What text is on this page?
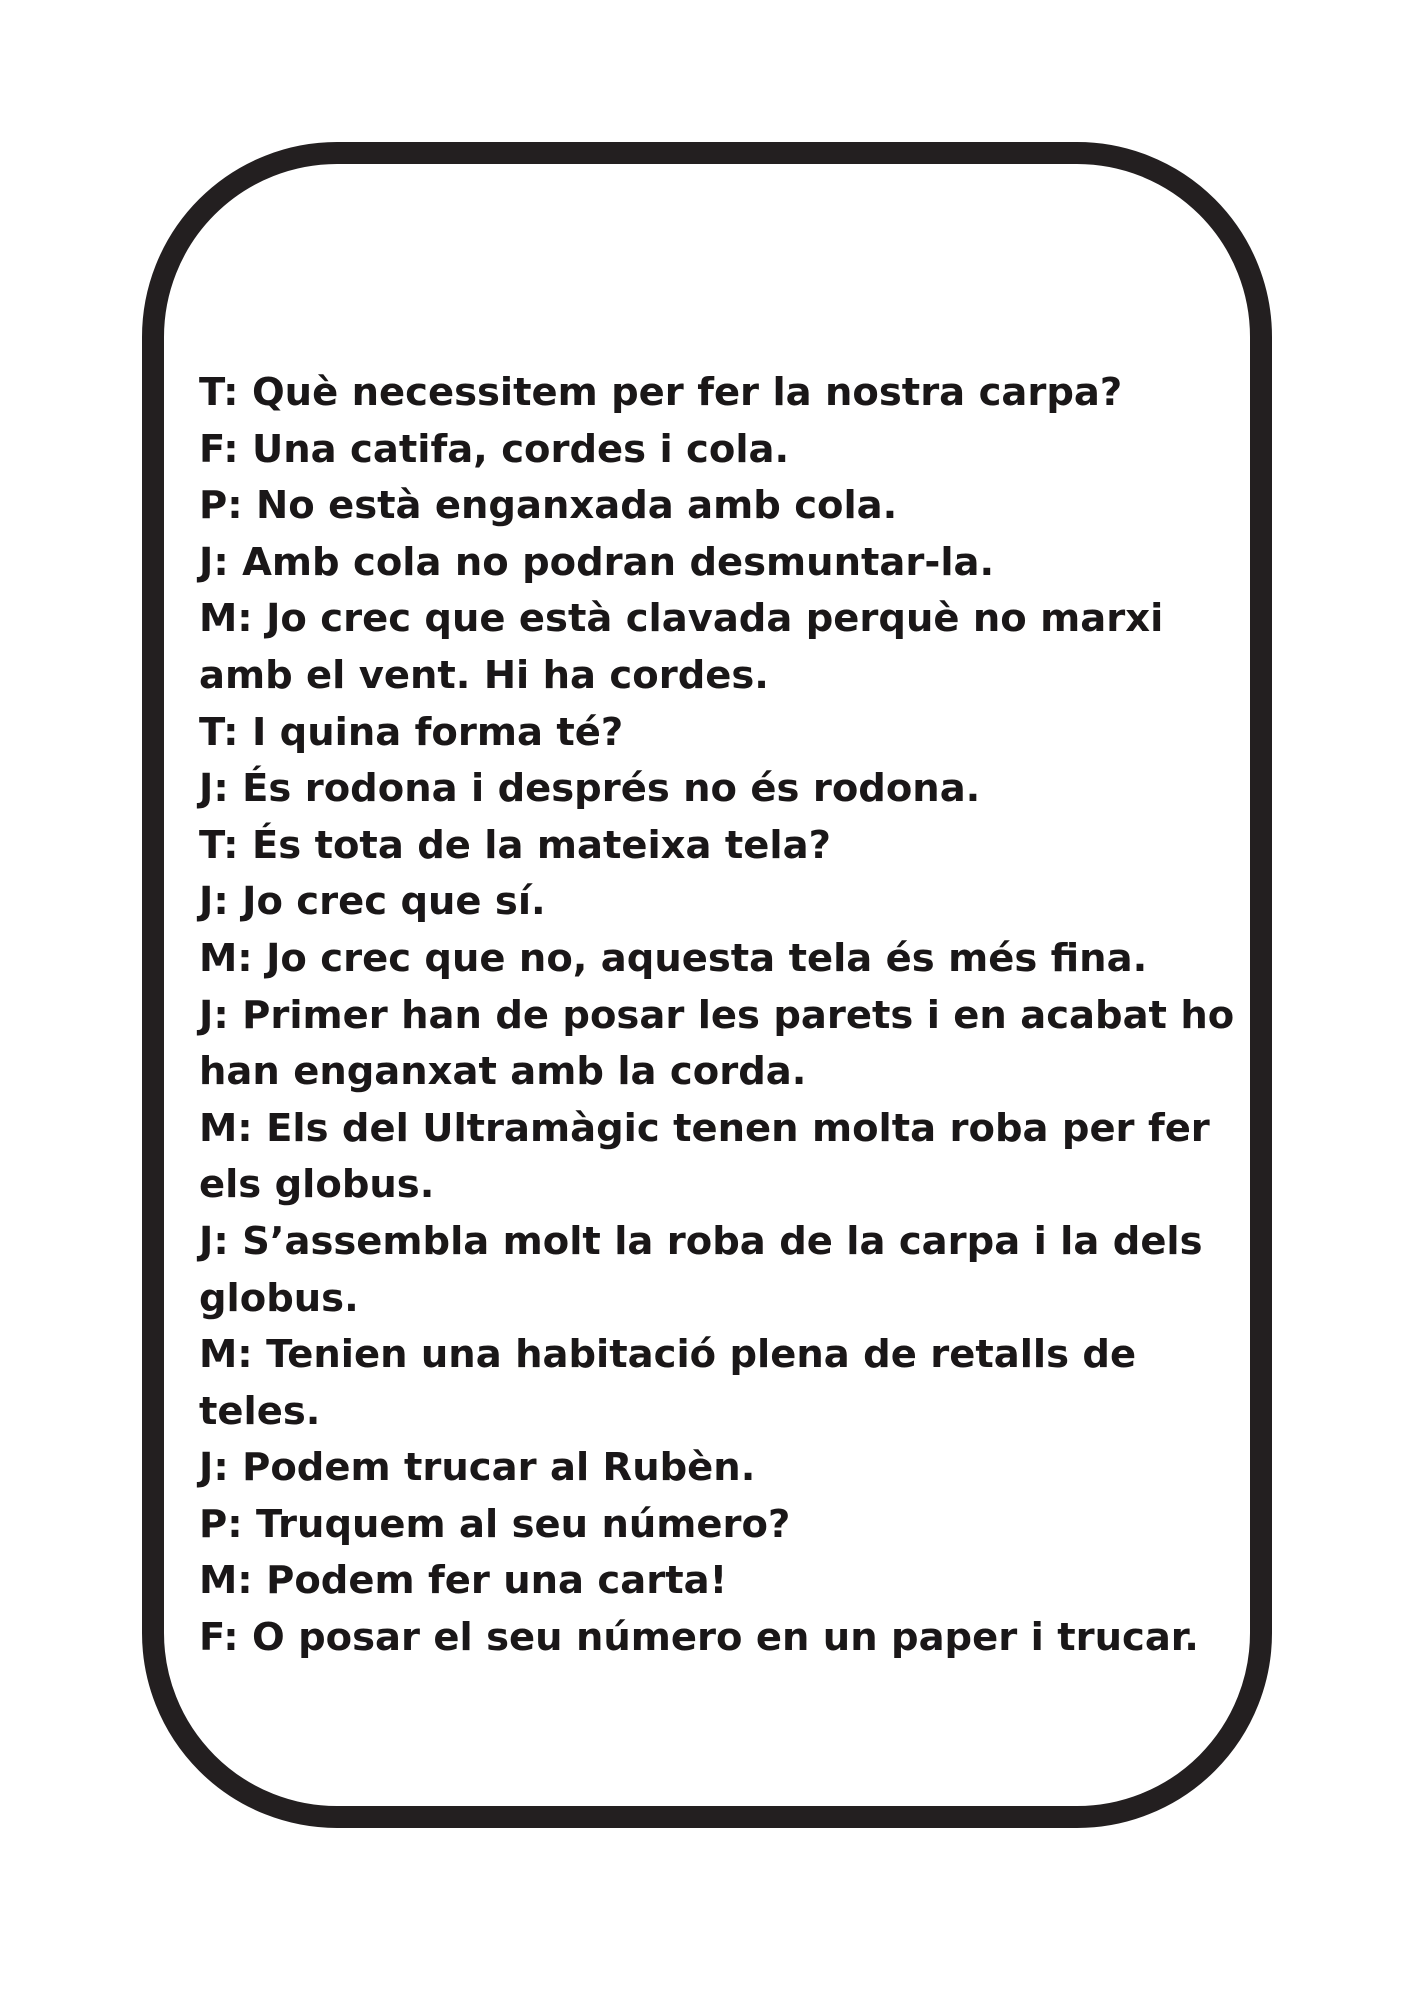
T: Què necessitem per fer la nostra carpa?
F: Una catifa, cordes i cola.
P: No està enganxada amb cola.
J: Amb cola no podran desmuntar-la.
M: Jo crec que està clavada perquè no marxi amb el vent. Hi ha cordes.
T: I quina forma té?
J: És rodona i després no és rodona.
T: És tota de la mateixa tela?
J: Jo crec que sí.
M: Jo crec que no, aquesta tela és més fina.
J: Primer han de posar les parets i en acabat ho han enganxat amb la corda.
M: Els del Ultramàgic tenen molta roba per fer els globus.
J: S’assembla molt la roba de la carpa i la dels globus.
M: Tenien una habitació plena de retalls de teles.
J: Podem trucar al Rubèn.
P: Truquem al seu número?
M: Podem fer una carta!
F: O posar el seu número en un paper i trucar.
